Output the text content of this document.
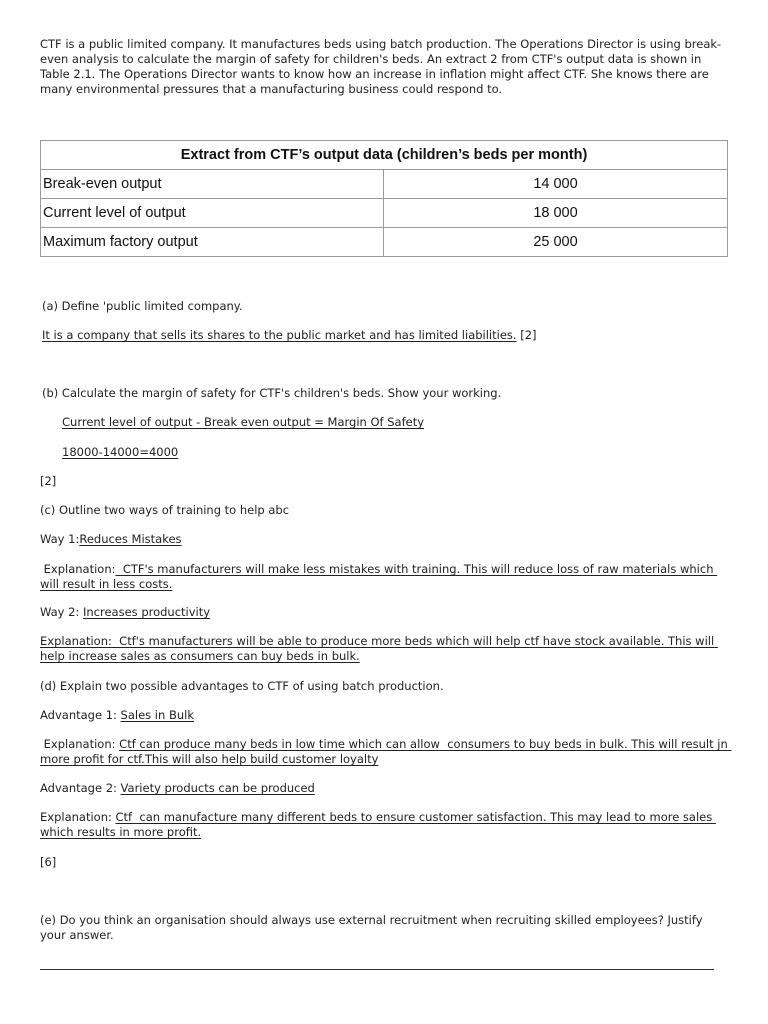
CTF is a public limited company. It manufactures beds using batch production. The Operations Director is using break-even analysis to calculate the margin of safety for children's beds. An extract 2 from CTF's output data is shown in Table 2.1. The Operations Director wants to know how an increase in inflation might affect CTF. She knows there are many environmental pressures that a manufacturing business could respond to.
Extract from CTF’s output data (children’s beds per month)	
Break-even output	14 000
Current level of output	18 000
Maximum factory output	25 000
(a) Define 'public limited company.
It is a company that sells its shares to the public market and has limited liabilities. [2]
(b) Calculate the margin of safety for CTF's children's beds. Show your working.
Current level of output - Break even output = Margin Of Safety
18000-14000=4000
[2]
(c) Outline two ways of training to help abc
Way 1:Reduces Mistakes
Explanation:  CTF's manufacturers will make less mistakes with training. This will reduce loss of raw materials which will result in less costs.
Way 2: Increases productivity
Explanation:  Ctf's manufacturers will be able to produce more beds which will help ctf have stock available. This will help increase sales as consumers can buy beds in bulk.
(d) Explain two possible advantages to CTF of using batch production.
Advantage 1: Sales in Bulk
Explanation: Ctf can produce many beds in low time which can allow  consumers to buy beds in bulk. This will result jn more profit for ctf.This will also help build customer loyalty
Advantage 2: Variety products can be produced
Explanation: Ctf  can manufacture many different beds to ensure customer satisfaction. This may lead to more sales which results in more profit.
[6]
(e) Do you think an organisation should always use external recruitment when recruiting skilled employees? Justify your answer.
